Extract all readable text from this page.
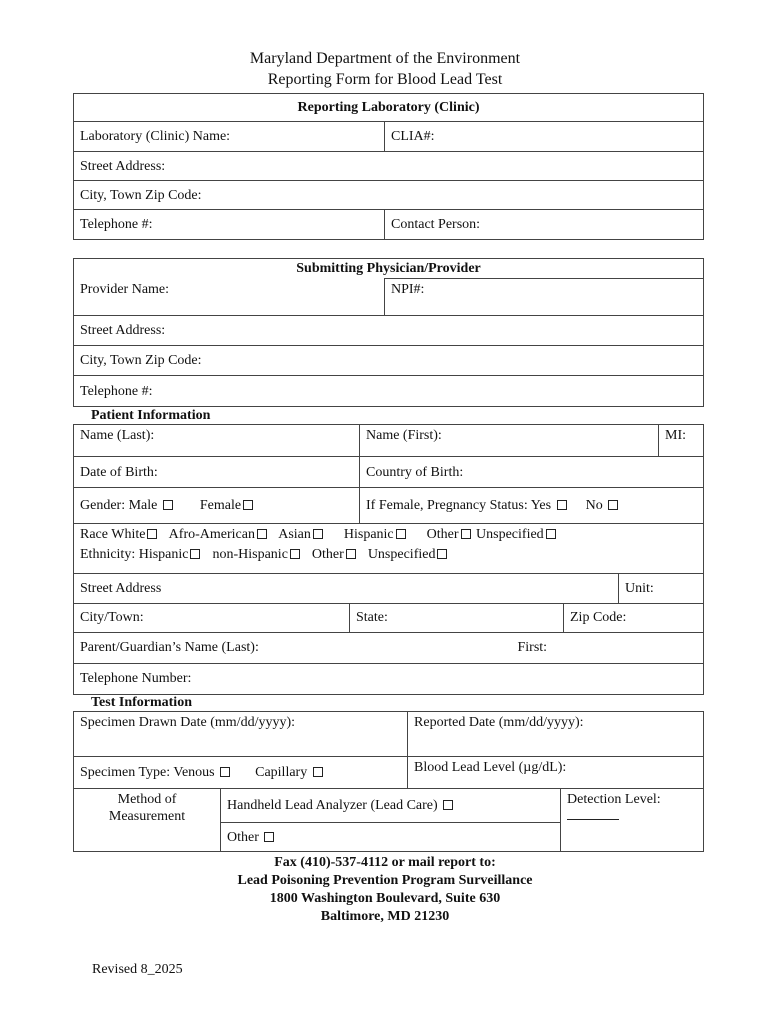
Maryland Department of the Environment
Reporting Form for Blood Lead Test
Reporting Laboratory (Clinic)	
Laboratory (Clinic) Name:	CLIA#:
Street Address:	
City, Town Zip Code:	
Telephone #:	Contact Person:
Submitting Physician/Provider
Provider Name:	NPI#:
Street Address:
City, Town Zip Code:
Telephone #:
Patient Information
Name (Last):		Name (First):				MI:
Date of Birth:		Country of Birth:				
Gender: Male Female		If Female, Pregnancy Status: Yes No				
Race White Afro-American Asian Hispanic Other Unspecified						
Ethnicity: Hispanic non-Hispanic Other Unspecified						
Street Address					Unit:	
City/Town:	State:			Zip Code:		
Parent/Guardian’s Name (Last):			First:			
Telephone Number:						
Test Information
Specimen Drawn Date (mm/dd/yyyy):		Reported Date (mm/dd/yyyy):	
Specimen Type: Venous Capillary		Blood Lead Level (µg/dL):	
Method of Measurement	Handheld Lead Analyzer (Lead Care)		Detection Level:

	Other		
Fax (410)-537-4112 or mail report to:
Lead Poisoning Prevention Program Surveillance
1800 Washington Boulevard, Suite 630
Baltimore, MD 21230
Revised 8_2025
